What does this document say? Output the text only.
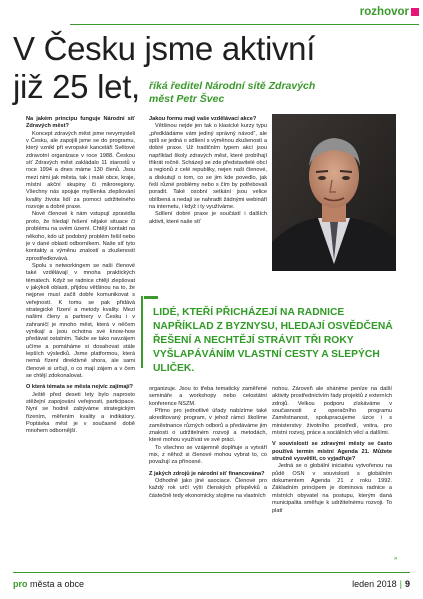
rozhovor
V Česku jsme aktivní
již 25 let, říká ředitel Národní sítě Zdravých
měst Petr Švec

Na jakém principu funguje Národní síť Zdravých měst?

Koncept zdravých měst jsme nevymysleli v Česku, ale zapojili jsme se do programu, který vznikl při evropské kanceláři Světové zdravotní organizace v roce 1988. Českou síť Zdravých měst zakládalo 11 starostů v roce 1994 a dnes máme 130 členů. Jsou mezi nimi jak města, tak i malé obce, kraje, místní akční skupiny či mikroregiony. Všechny nás spojuje myšlenka zlepšování kvality života lidí za pomoci udržitelného rozvoje a dobré praxe.

Nové členové k nám vstupují zpravidla proto, že hledají řešení nějaké situace či problému na svém území. Chtějí kontakt na někoho, kdo už podobný problém řešil nebo je v dané oblasti odborníkem. Naše síť tyto kontakty a výměnu znalostí a zkušeností zprostředkovává.

Spolu s networkingem se naši členové také vzdělávají v mnoha praktických tématech. Když se radnice chtějí zlepšovat v jakýkoli oblasti, přijdou většinou na to, že nejprve musí začít dobře komunikovat s veřejností. K tomu se pak přidává strategické řízení a metody kvality. Mezi našimi členy a partnery v Česku i v zahraničí je mnoho měst, která v něčem vynikají a jsou ochotna své know-how předávat ostatním. Takže se tako navzájem učíme a pomáháme si dosahovat stále lepších výsledků. Jsme platformou, která nemá řízení direktivně shora, ale sami členové si určují, o co mají zájem a v čem se chtějí zdokonalovat.

O která témata se města nejvíc zajímají?

Ještě před deseti lety bylo naprosto stěžejní zapojování veřejnosti, participace. Nyní se hodně zabýváme strategickým řízením, měřením kvality a indikátory. Poptávka měst je v současné době mnohem odbornější.

Jakou formu mají vaše vzdělávací akce?

Většinou nejde jen tak o klasické kurzy typu „předkládáme vám jediný správný návod“, ale spíš se jedná o sdílení s výměnou zkušeností a dobré praxe. Už tradičním typem akcí jsou například školy zdravých měst, které probíhají třikrát ročně. Scházejí se zde představitelé obcí a regionů z celé republiky, nejen naši členové, a diskutují o tom, co se jim kde povedlo, jak řeší různé problémy nebo s čím by potřebovali poradit. Také osobní setkání jsou velice oblíbená a nedají se nahradit žádnými webináři na internetu, i když i ty využíváme.

Sdílení dobré praxe je součástí i dalších aktivit, které naše síť

LIDÉ, KTEŘÍ PŘICHÁZEJÍ NA RADNICE NAPŘÍKLAD Z BYZNYSU, HLEDAJÍ OSVĚDČENÁ ŘEŠENÍ A NECHTĚJÍ STRÁVIT TŘI ROKY VYŠLAPÁVÁNÍM VLASTNÍ CESTY A SLEPÝCH ULIČEK.

organizuje. Jsou to třeba tematicky zaměřené semináře a workshopy nebo celostátní konference NSZM.

Přímo pro jednotlivé úřady nabízíme také akreditovaný program, v jehož rámci školíme zaměstnance různých odborů a předáváme jim znalosti o udržitelném rozvoji a metodách, které mohou využívat ve své práci.

To všechno se vzájemně doplňuje a vytváří mix, z něhož si členové mohou vybrat to, co považují za přínosné.

Z jakých zdrojů je národní síť financována?

Odhodně jako jiné asociace. Členové pro každý rok určí výši členských příspěvků a částečně tedy ekonomicky stojíme na vlastních

nohou. Zároveň ale shánime peníze na další aktivity prostřednictvím řady projektů z externích zdrojů. Velkou podporu získáváme v současnosti z operačního programu Zaměstnanost, spolupracujeme úzce i s ministerstvy životního prostředí, vnitra, pro místní rozvoj, práce a sociálních věcí a dalšími.

V souvislosti se zdravými městy se často používá termín místní Agenda 21. Můžete stručně vysvětlit, co vyjadřuje?

Jedná se o globální iniciativu vytvořenou na půdě OSN v souvislosti s globálním dokumentem Agenda 21 z roku 1992. Základním principem je dominova radnice a místních obyvatel na postupu, kterým daná municipalita směřuje k udržitelnému rozvoji. To platí

»
pro města a obce	leden 2018 | 9
